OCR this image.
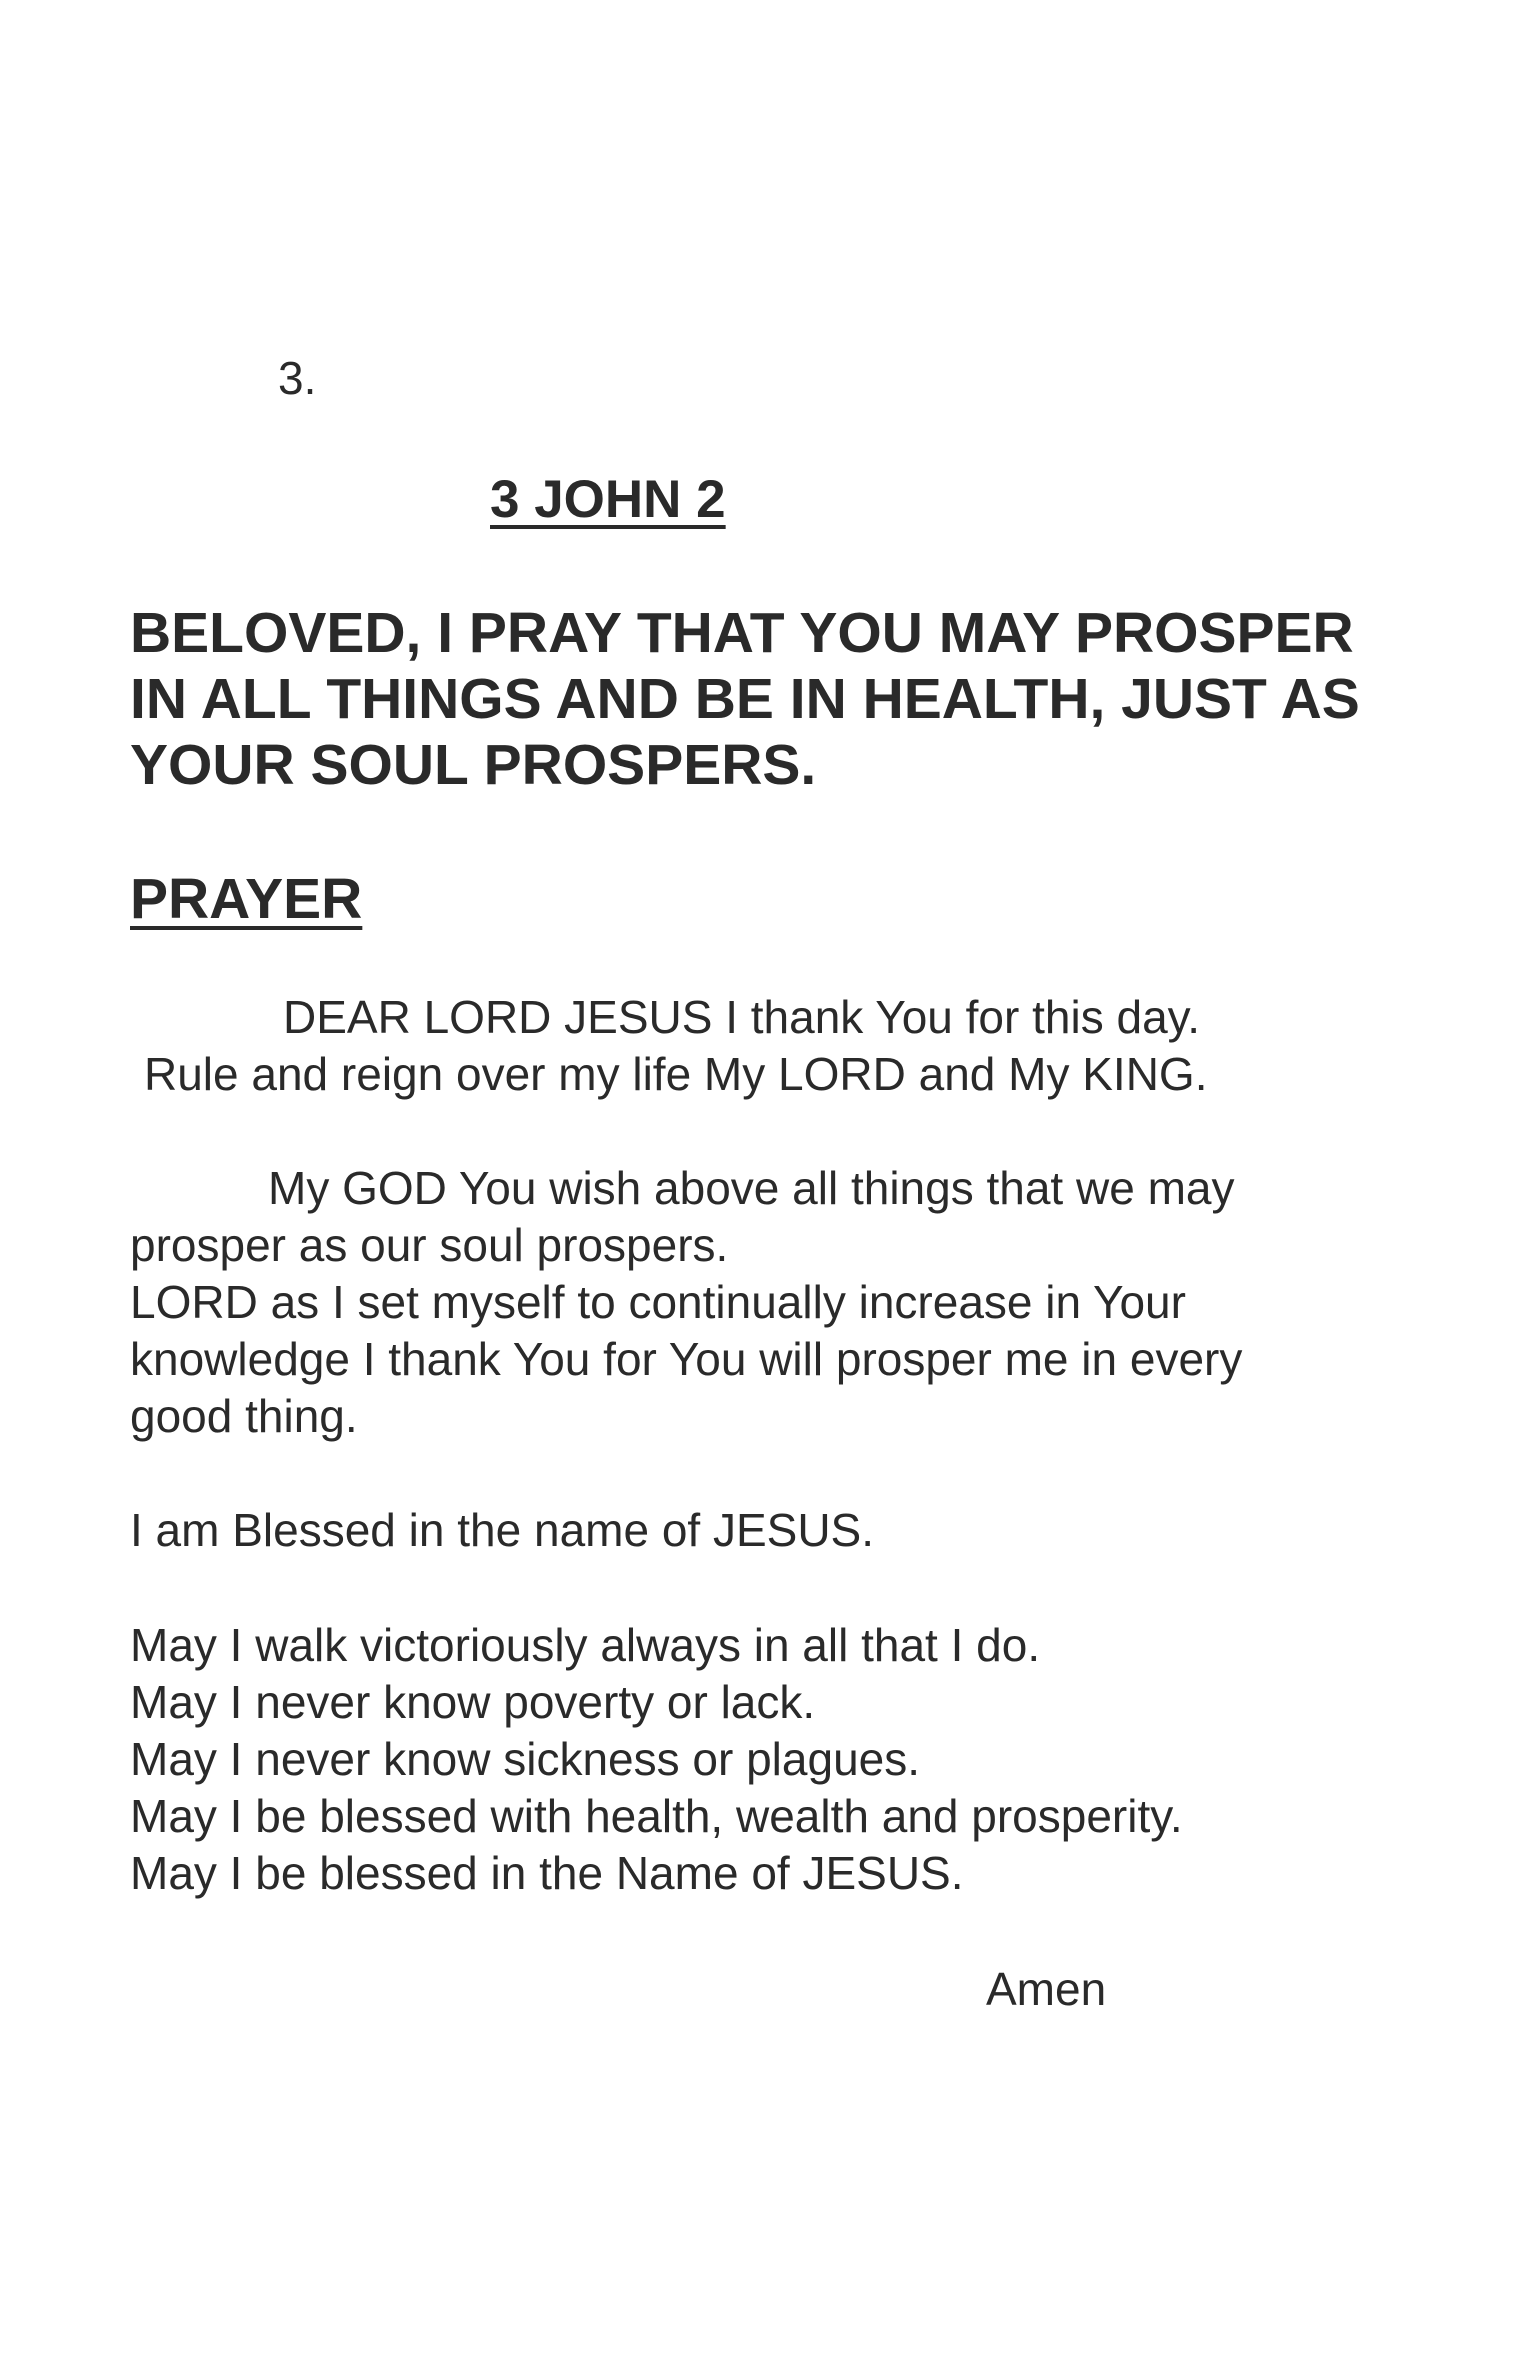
3.
3 JOHN 2

BELOVED, I PRAY THAT YOU MAY PROSPER
IN ALL THINGS AND BE IN HEALTH, JUST AS
YOUR SOUL PROSPERS.

PRAYER

DEAR LORD JESUS I thank You for this day.
Rule and reign over my life My LORD and My KING.

My GOD You wish above all things that we may
prosper as our soul prospers.
LORD as I set myself to continually increase in Your
knowledge I thank You for You will prosper me in every
good thing.

I am Blessed in the name of JESUS.

May I walk victoriously always in all that I do.
May I never know poverty or lack.
May I never know sickness or plagues.
May I be blessed with health, wealth and prosperity.
May I be blessed in the Name of JESUS.

Amen
